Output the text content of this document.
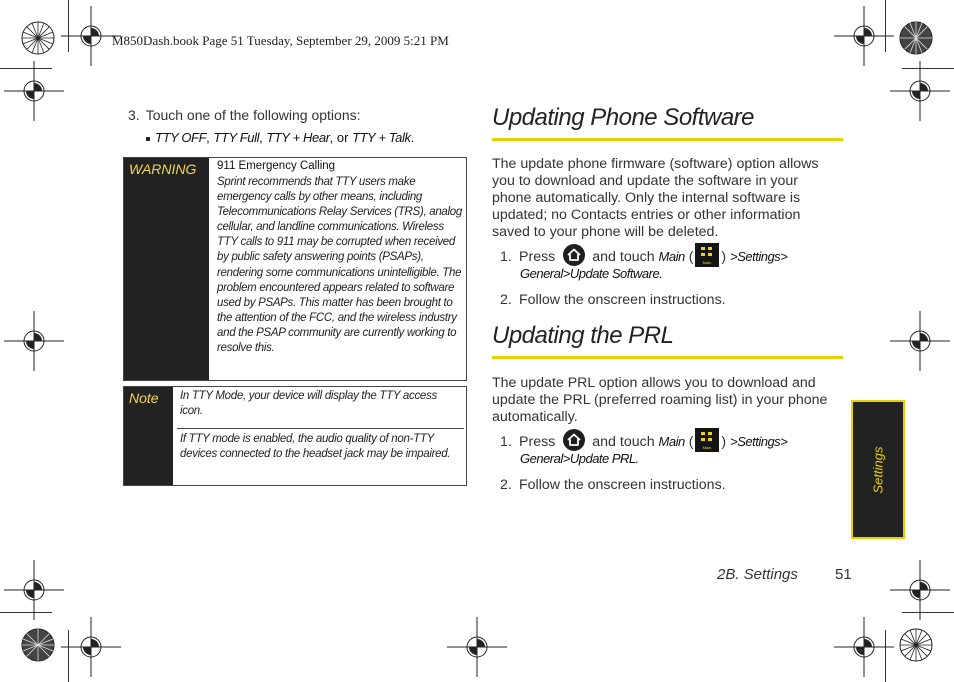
M850Dash.book Page 51 Tuesday, September 29, 2009 5:21 PM
3. Touch one of the following options:
TTY OFF, TTY Full, TTY + Hear, or TTY + Talk.
WARNING 911 Emergency Calling
Sprint recommends that TTY users make emergency calls by other means, including Telecommunications Relay Services (TRS), analog cellular, and landline communications. Wireless TTY calls to 911 may be corrupted when received by public safety answering points (PSAPs), rendering some communications unintelligible. The problem encountered appears related to software used by PSAPs. This matter has been brought to the attention of the FCC, and the wireless industry and the PSAP community are currently working to resolve this.
Note In TTY Mode, your device will display the TTY access icon.
If TTY mode is enabled, the audio quality of non-TTY devices connected to the headset jack may be impaired.
Updating Phone Software
The update phone firmware (software) option allows you to download and update the software in your phone automatically. Only the internal software is updated; no Contacts entries or other information saved to your phone will be deleted.
1. Press	and touch Main ( Main ) >Settings>
General>Update Software.
2. Follow the onscreen instructions.
Updating the PRL
The update PRL option allows you to download and update the PRL (preferred roaming list) in your phone automatically.
1. Press	and touch Main ( Main ) >Settings>
General>Update PRL.
2. Follow the onscreen instructions.	Settings
2B. Settings 51
